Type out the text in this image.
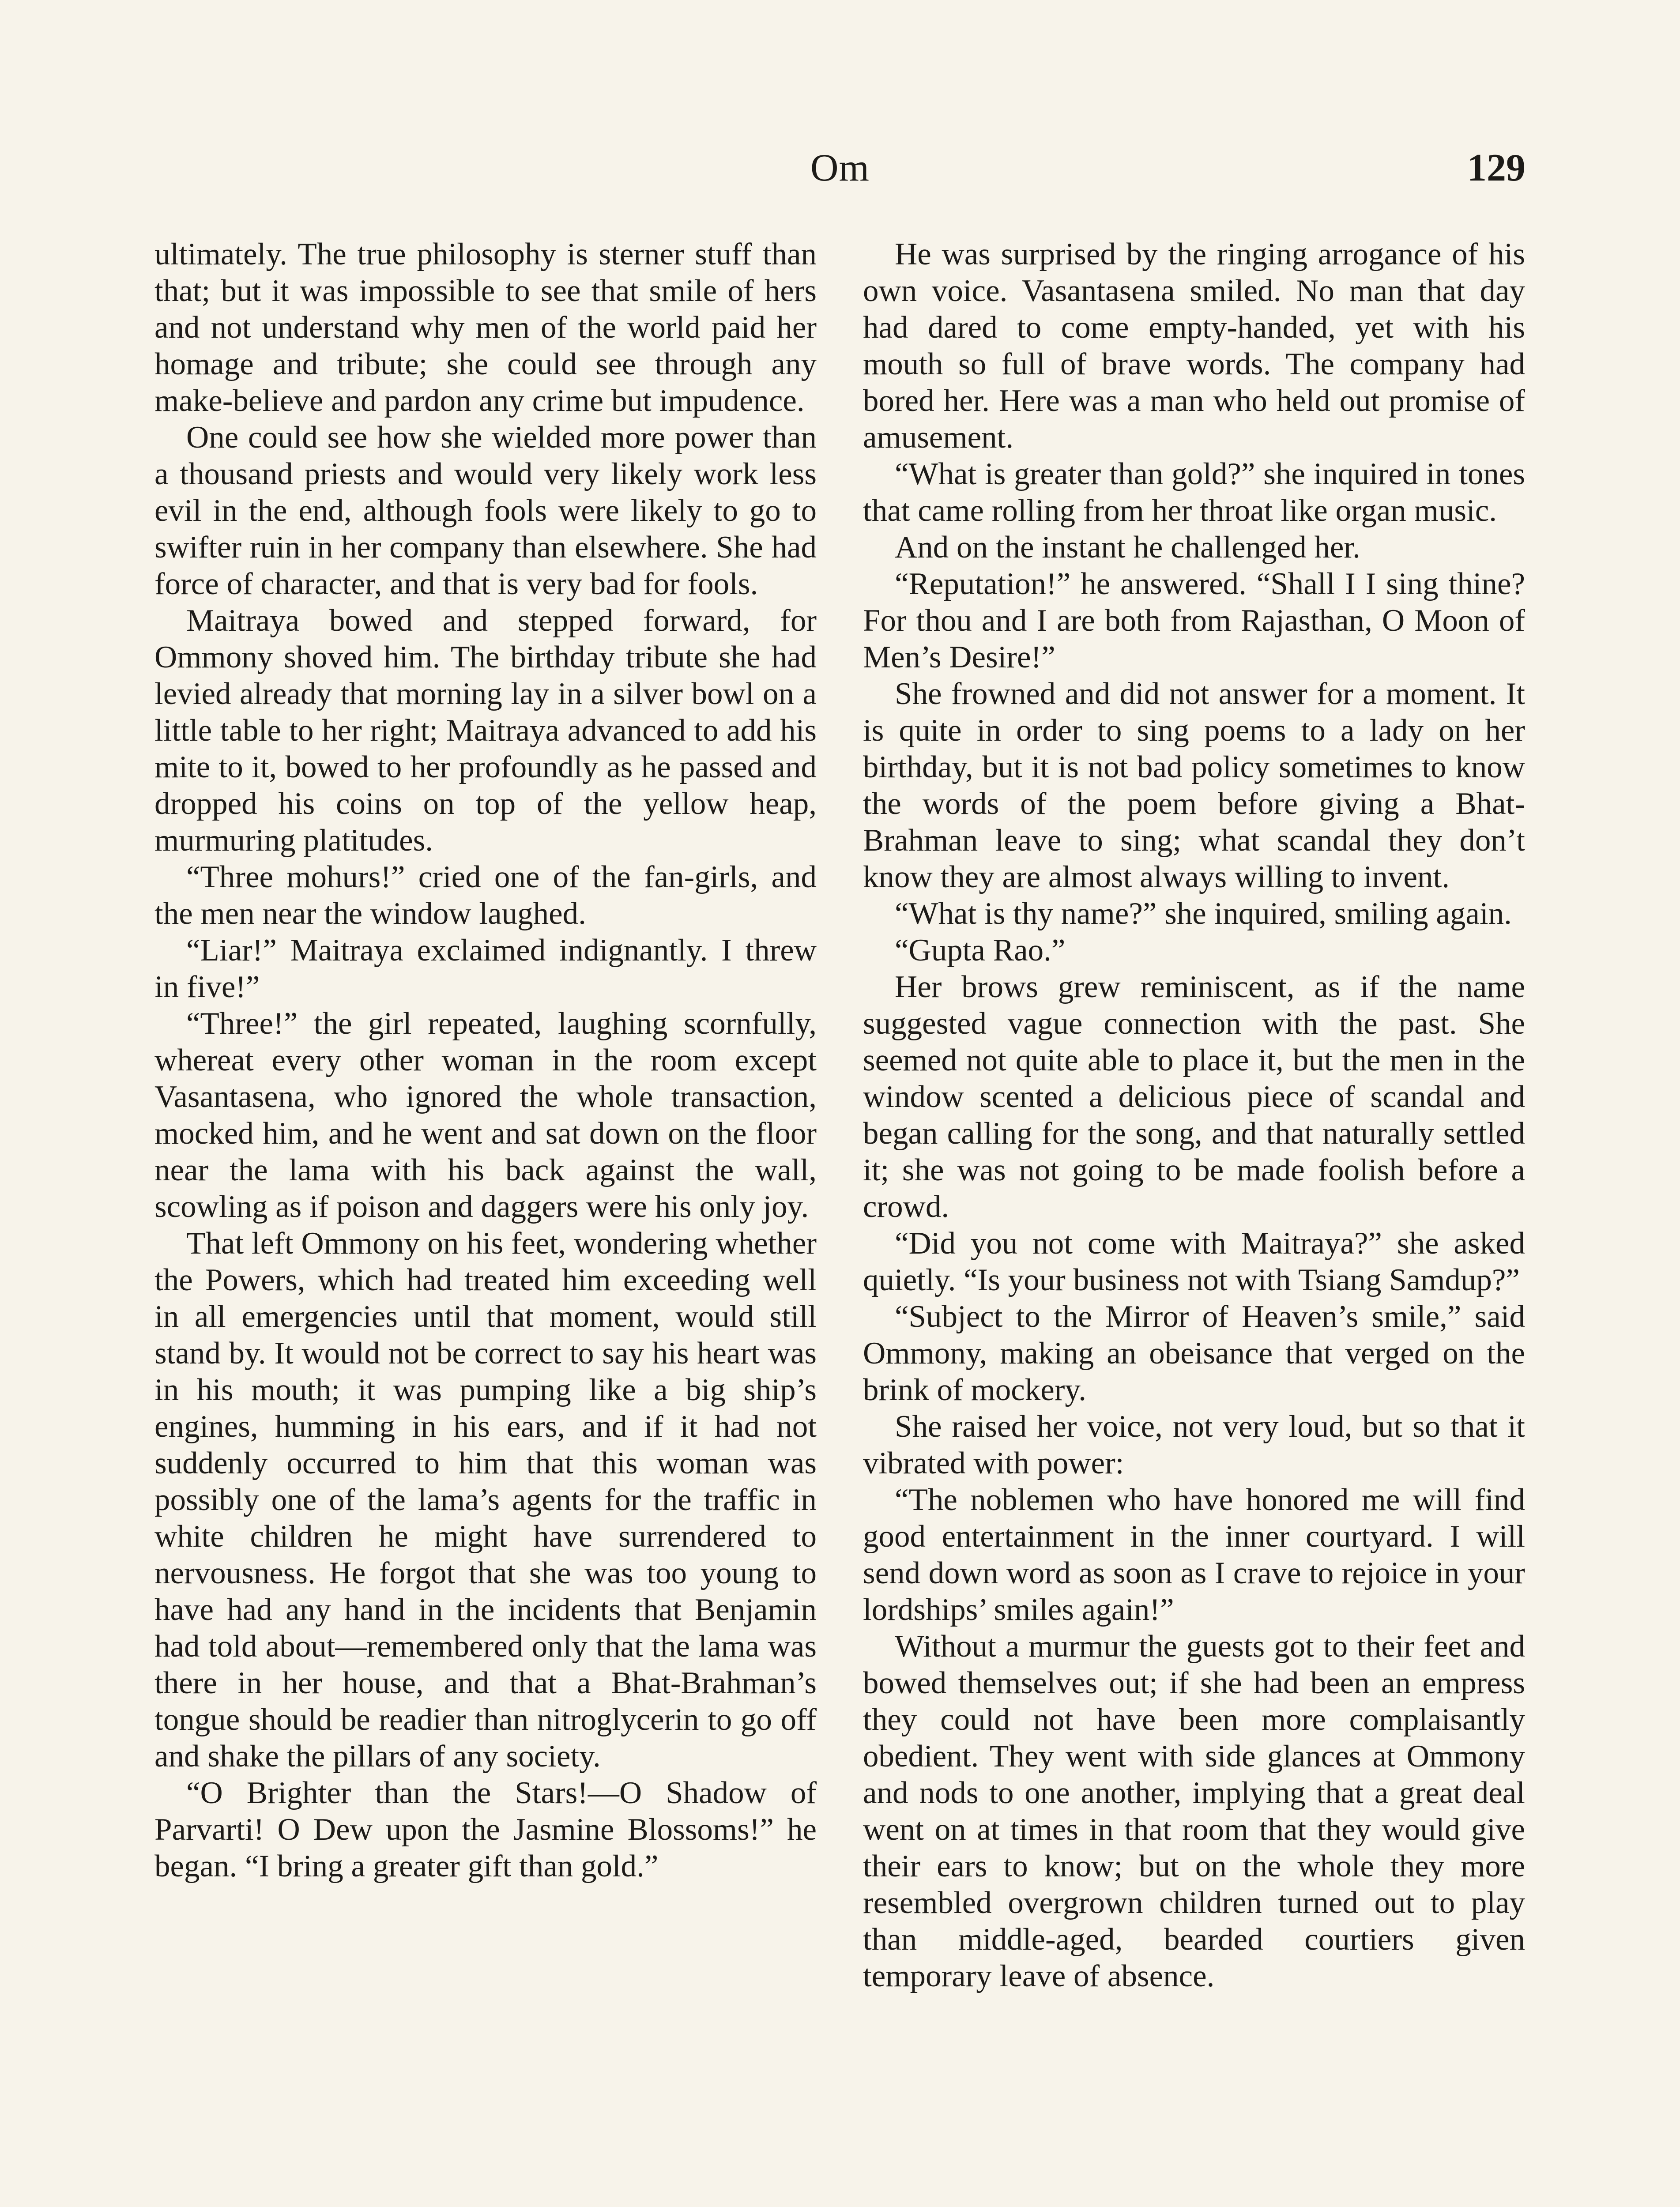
Om	129

ultimately. The true philosophy is sterner stuff than that; but it was impossible to see that smile of hers and not understand why men of the world paid her homage and tribute; she could see through any make-believe and pardon any crime but impudence.

One could see how she wielded more power than a thousand priests and would very likely work less evil in the end, although fools were likely to go to swifter ruin in her company than elsewhere. She had force of character, and that is very bad for fools.

Maitraya bowed and stepped forward, for Ommony shoved him. The birthday tribute she had levied already that morning lay in a silver bowl on a little table to her right; Maitraya advanced to add his mite to it, bowed to her profoundly as he passed and dropped his coins on top of the yellow heap, murmuring platitudes.

“Three mohurs!” cried one of the fan-girls, and the men near the window laughed.

“Liar!” Maitraya exclaimed indignantly. I threw in five!”

“Three!” the girl repeated, laughing scornfully, whereat every other woman in the room except Vasantasena, who ignored the whole transaction, mocked him, and he went and sat down on the floor near the lama with his back against the wall, scowling as if poison and daggers were his only joy.

That left Ommony on his feet, wondering whether the Powers, which had treated him exceeding well in all emergencies until that moment, would still stand by. It would not be correct to say his heart was in his mouth; it was pumping like a big ship’s engines, humming in his ears, and if it had not suddenly occurred to him that this woman was possibly one of the lama’s agents for the traffic in white children he might have surrendered to nervousness. He forgot that she was too young to have had any hand in the incidents that Benjamin had told about—remembered only that the lama was there in her house, and that a Bhat-Brahman’s tongue should be readier than nitroglycerin to go off and shake the pillars of any society.

“O Brighter than the Stars!—O Shadow of Parvarti! O Dew upon the Jasmine Blossoms!” he began. “I bring a greater gift than gold.”

He was surprised by the ringing arrogance of his own voice. Vasantasena smiled. No man that day had dared to come empty-handed, yet with his mouth so full of brave words. The company had bored her. Here was a man who held out promise of amusement.

“What is greater than gold?” she inquired in tones that came rolling from her throat like organ music.

And on the instant he challenged her.

“Reputation!” he answered. “Shall I I sing thine? For thou and I are both from Rajasthan, O Moon of Men’s Desire!”

She frowned and did not answer for a moment. It is quite in order to sing poems to a lady on her birthday, but it is not bad policy sometimes to know the words of the poem before giving a Bhat-Brahman leave to sing; what scandal they don’t know they are almost always willing to invent.

“What is thy name?” she inquired, smiling again.

“Gupta Rao.”

Her brows grew reminiscent, as if the name suggested vague connection with the past. She seemed not quite able to place it, but the men in the window scented a delicious piece of scandal and began calling for the song, and that naturally settled it; she was not going to be made foolish before a crowd.

“Did you not come with Maitraya?” she asked quietly. “Is your business not with Tsiang Samdup?”

“Subject to the Mirror of Heaven’s smile,” said Ommony, making an obeisance that verged on the brink of mockery.

She raised her voice, not very loud, but so that it vibrated with power:

“The noblemen who have honored me will find good entertainment in the inner courtyard. I will send down word as soon as I crave to rejoice in your lordships’ smiles again!”

Without a murmur the guests got to their feet and bowed themselves out; if she had been an empress they could not have been more complaisantly obedient. They went with side glances at Ommony and nods to one another, implying that a great deal went on at times in that room that they would give their ears to know; but on the whole they more resembled overgrown children turned out to play than middle-aged, bearded courtiers given temporary leave of absence.
